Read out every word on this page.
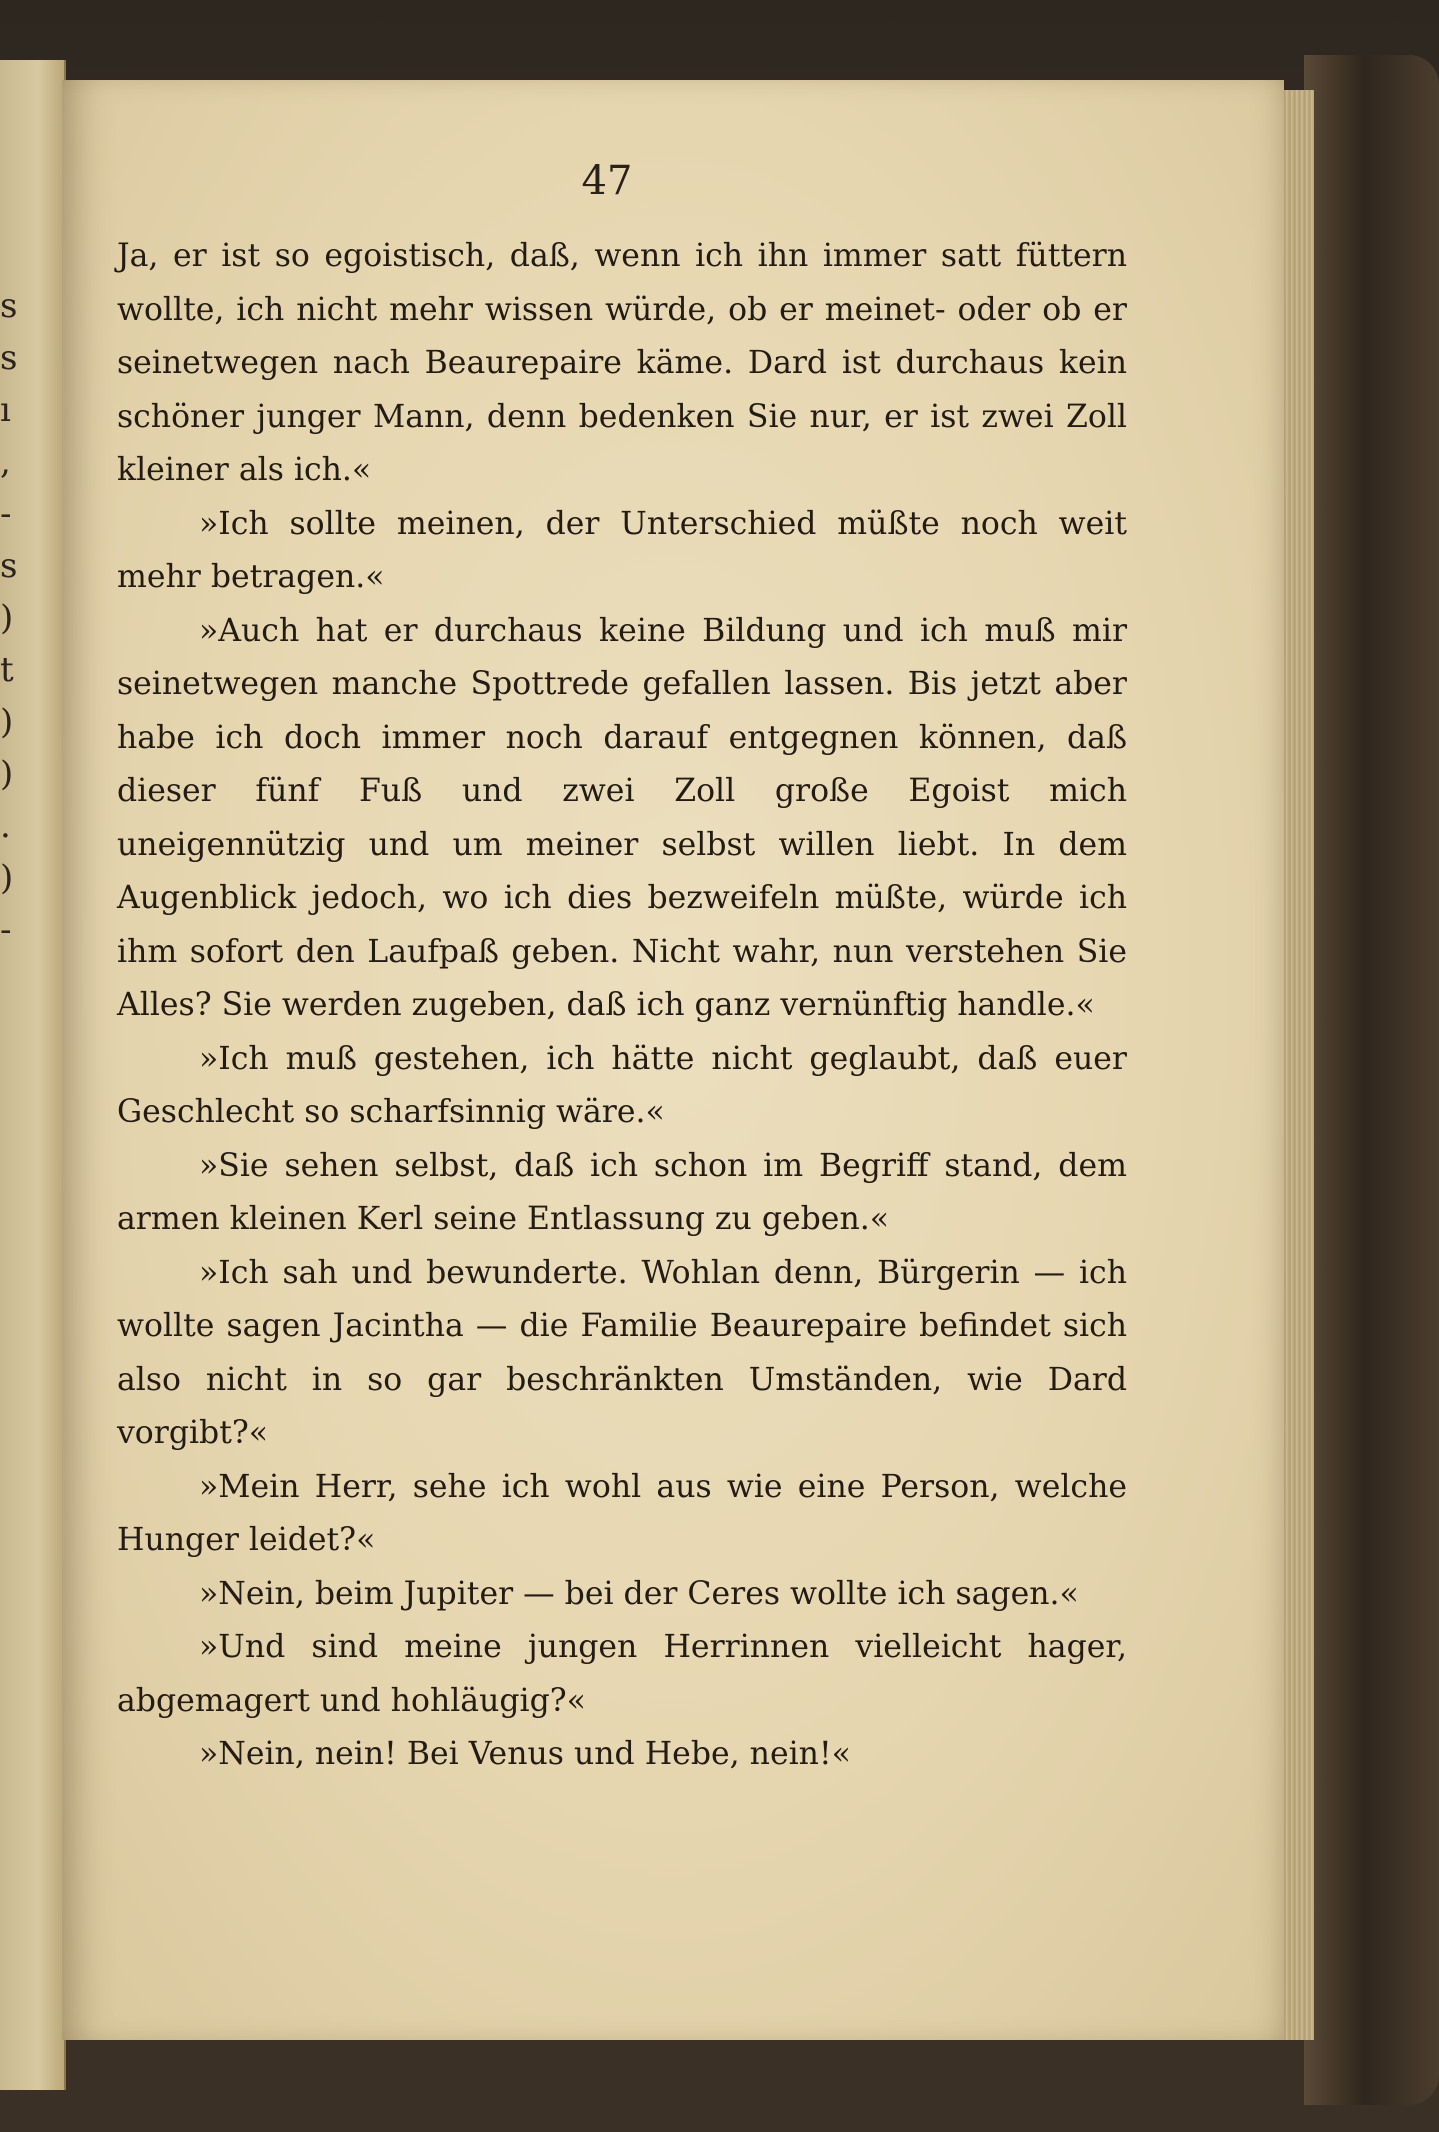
s
s
ı
,
-
s
)
t
)
)
.
)
-
47

Ja, er ist so egoistisch, daß, wenn ich ihn immer satt füttern wollte, ich nicht mehr wissen würde, ob er meinet- oder ob er seinetwegen nach Beaurepaire käme. Dard ist durchaus kein schöner junger Mann, denn bedenken Sie nur, er ist zwei Zoll kleiner als ich.«

»Ich sollte meinen, der Unterschied müßte noch weit mehr betragen.«

»Auch hat er durchaus keine Bildung und ich muß mir seinetwegen manche Spottrede gefallen lassen. Bis jetzt aber habe ich doch immer noch darauf entgegnen können, daß dieser fünf Fuß und zwei Zoll große Egoist mich uneigennützig und um meiner selbst willen liebt. In dem Augenblick jedoch, wo ich dies bezweifeln müßte, würde ich ihm sofort den Laufpaß geben. Nicht wahr, nun verstehen Sie Alles? Sie werden zugeben, daß ich ganz vernünftig handle.«

»Ich muß gestehen, ich hätte nicht geglaubt, daß euer Geschlecht so scharfsinnig wäre.«

»Sie sehen selbst, daß ich schon im Begriff stand, dem armen kleinen Kerl seine Entlassung zu geben.«

»Ich sah und bewunderte. Wohlan denn, Bürgerin — ich wollte sagen Jacintha — die Familie Beaurepaire befindet sich also nicht in so gar beschränkten Umständen, wie Dard vorgibt?«

»Mein Herr, sehe ich wohl aus wie eine Person, welche Hunger leidet?«

»Nein, beim Jupiter — bei der Ceres wollte ich sagen.«

»Und sind meine jungen Herrinnen vielleicht hager, abgemagert und hohläugig?«

»Nein, nein! Bei Venus und Hebe, nein!«
